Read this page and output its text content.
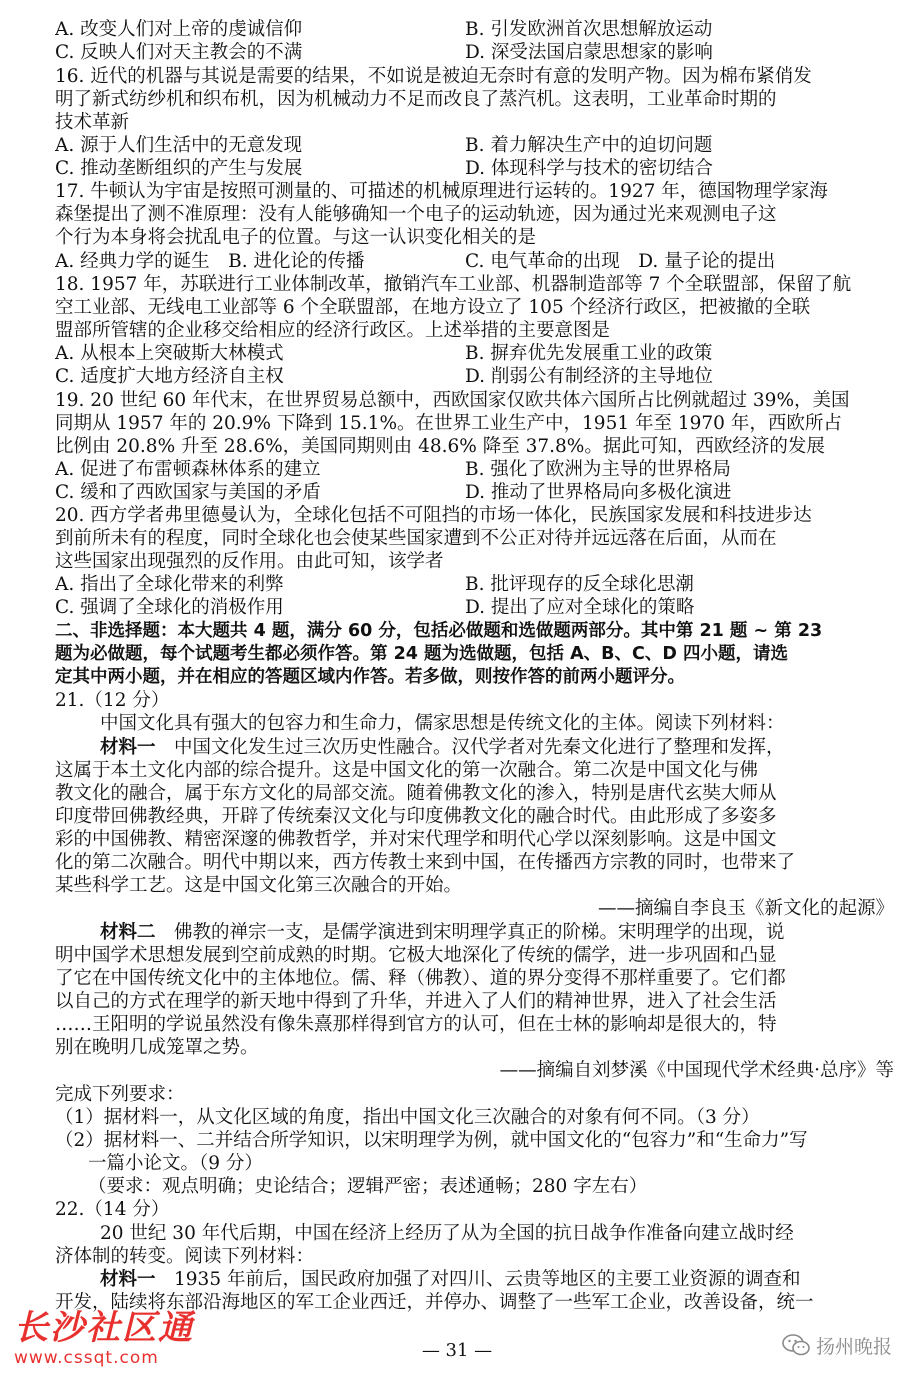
A. 改变人们对上帝的虔诚信仰	B. 引发欧洲首次思想解放运动
C. 反映人们对天主教会的不满	D. 深受法国启蒙思想家的影响
16. 近代的机器与其说是需要的结果，不如说是被迫无奈时有意的发明产物。因为棉布紧俏发
明了新式纺纱机和织布机，因为机械动力不足而改良了蒸汽机。这表明，工业革命时期的
技术革新
A. 源于人们生活中的无意发现	B. 着力解决生产中的迫切问题
C. 推动垄断组织的产生与发展	D. 体现科学与技术的密切结合
17. 牛顿认为宇宙是按照可测量的、可描述的机械原理进行运转的。1927 年，德国物理学家海
森堡提出了测不准原理：没有人能够确知一个电子的运动轨迹，因为通过光来观测电子这
个行为本身将会扰乱电子的位置。与这一认识变化相关的是
A. 经典力学的诞生　B. 进化论的传播	C. 电气革命的出现　D. 量子论的提出
18. 1957 年，苏联进行工业体制改革，撤销汽车工业部、机器制造部等 7 个全联盟部，保留了航
空工业部、无线电工业部等 6 个全联盟部，在地方设立了 105 个经济行政区，把被撤的全联
盟部所管辖的企业移交给相应的经济行政区。上述举措的主要意图是
A. 从根本上突破斯大林模式	B. 摒弃优先发展重工业的政策
C. 适度扩大地方经济自主权	D. 削弱公有制经济的主导地位
19. 20 世纪 60 年代末，在世界贸易总额中，西欧国家仅欧共体六国所占比例就超过 39%，美国
同期从 1957 年的 20.9% 下降到 15.1%。在世界工业生产中，1951 年至 1970 年，西欧所占
比例由 20.8% 升至 28.6%，美国同期则由 48.6% 降至 37.8%。据此可知，西欧经济的发展
A. 促进了布雷顿森林体系的建立	B. 强化了欧洲为主导的世界格局
C. 缓和了西欧国家与美国的矛盾	D. 推动了世界格局向多极化演进
20. 西方学者弗里德曼认为，全球化包括不可阻挡的市场一体化，民族国家发展和科技进步达
到前所未有的程度，同时全球化也会使某些国家遭到不公正对待并远远落在后面，从而在
这些国家出现强烈的反作用。由此可知，该学者
A. 指出了全球化带来的利弊	B. 批评现存的反全球化思潮
C. 强调了全球化的消极作用	D. 提出了应对全球化的策略
二、非选择题：本大题共 4 题，满分 60 分，包括必做题和选做题两部分。其中第 21 题 ~ 第 23
题为必做题，每个试题考生都必须作答。第 24 题为选做题，包括 A、B、C、D 四小题，请选
定其中两小题，并在相应的答题区域内作答。若多做，则按作答的前两小题评分。
21.（12 分）
中国文化具有强大的包容力和生命力，儒家思想是传统文化的主体。阅读下列材料：
材料一　中国文化发生过三次历史性融合。汉代学者对先秦文化进行了整理和发挥，
这属于本土文化内部的综合提升。这是中国文化的第一次融合。第二次是中国文化与佛
教文化的融合，属于东方文化的局部交流。随着佛教文化的渗入，特别是唐代玄奘大师从
印度带回佛教经典，开辟了传统秦汉文化与印度佛教文化的融合时代。由此形成了多姿多
彩的中国佛教、精密深邃的佛教哲学，并对宋代理学和明代心学以深刻影响。这是中国文
化的第二次融合。明代中期以来，西方传教士来到中国，在传播西方宗教的同时，也带来了
某些科学工艺。这是中国文化第三次融合的开始。
——摘编自李良玉《新文化的起源》
材料二　佛教的禅宗一支，是儒学演进到宋明理学真正的阶梯。宋明理学的出现，说
明中国学术思想发展到空前成熟的时期。它极大地深化了传统的儒学，进一步巩固和凸显
了它在中国传统文化中的主体地位。儒、释（佛教）、道的界分变得不那样重要了。它们都
以自己的方式在理学的新天地中得到了升华，并进入了人们的精神世界，进入了社会生活
……王阳明的学说虽然没有像朱熹那样得到官方的认可，但在士林的影响却是很大的，特
别在晚明几成笼罩之势。
——摘编自刘梦溪《中国现代学术经典·总序》等
完成下列要求：
（1）据材料一，从文化区域的角度，指出中国文化三次融合的对象有何不同。（3 分）
（2）据材料一、二并结合所学知识，以宋明理学为例，就中国文化的“包容力”和“生命力”写
一篇小论文。（9 分）
（要求：观点明确；史论结合；逻辑严密；表述通畅；280 字左右）
22.（14 分）
20 世纪 30 年代后期，中国在经济上经历了从为全国的抗日战争作准备向建立战时经
济体制的转变。阅读下列材料：
材料一　1935 年前后，国民政府加强了对四川、云贵等地区的主要工业资源的调查和
开发，陆续将东部沿海地区的军工企业西迁，并停办、调整了一些军工企业，改善设备，统一
— 31 —
长沙社区通
www.cssqt.com
扬州晚报
